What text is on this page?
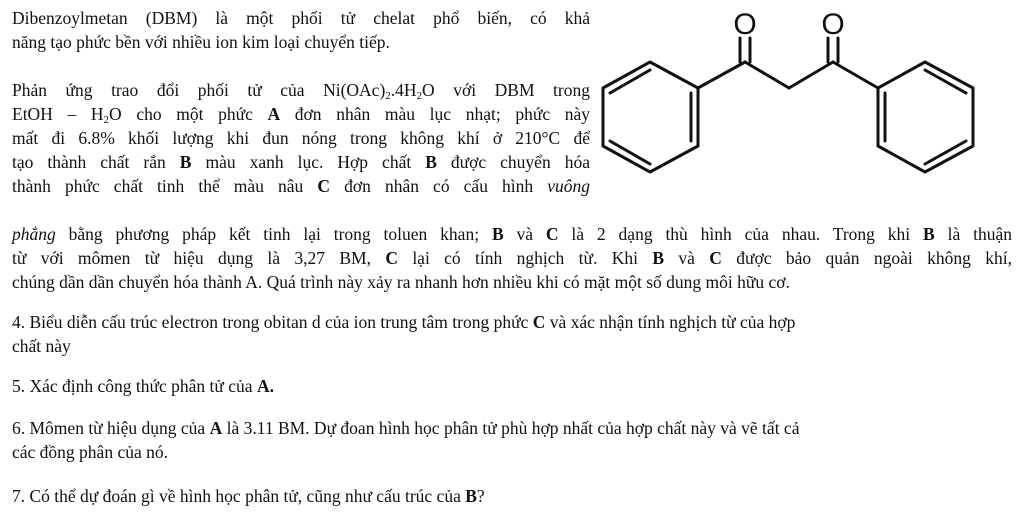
Dibenzoylmetan (DBM) là một phối tử chelat phổ biến, có khả
năng tạo phức bền với nhiều ion kim loại chuyển tiếp.
Phản ứng trao đổi phối tử của $Ni(OAc)_2.4H_2O$ với DBM trong
EtOH – $H_2O$ cho một phức A đơn nhân màu lục nhạt; phức này
mất đi 6.8% khối lượng khi đun nóng trong không khí ở 210°C để
tạo thành chất rắn B màu xanh lục. Hợp chất B được chuyển hóa
thành phức chất tinh thể màu nâu C đơn nhân có cấu hình vuông
phẳng bằng phương pháp kết tinh lại trong toluen khan; B và C là 2 dạng thù hình của nhau. Trong khi B là thuận
từ với mômen từ hiệu dụng là 3,27 BM, C lại có tính nghịch từ. Khi B và C được bảo quản ngoài không khí,
chúng dần dần chuyển hóa thành A. Quá trình này xảy ra nhanh hơn nhiều khi có mặt một số dung môi hữu cơ.
4. Biểu diễn cấu trúc electron trong obitan d của ion trung tâm trong phức C và xác nhận tính nghịch từ của hợp
chất này
5. Xác định công thức phân tử của A.
6. Mômen từ hiệu dụng của A là 3.11 BM. Dự đoan hình học phân tử phù hợp nhất của hợp chất này và vẽ tất cả
các đồng phân của nó.
7. Có thể dự đoán gì về hình học phân tử, cũng như cấu trúc của B?
O O
